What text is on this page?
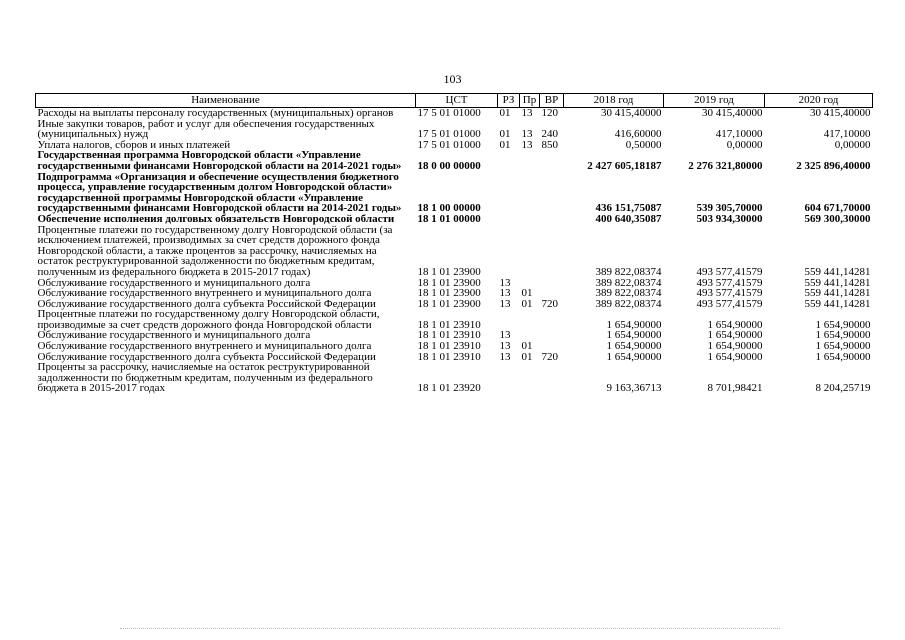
103
Наименование	ЦСТ	РЗ	Пр	ВР	2018 год	2019 год	2020 год
Расходы на выплаты персоналу государственных (муниципальных) органов	17 5 01 01000	01	13	120	30 415,40000	30 415,40000	30 415,40000
Иные закупки товаров, работ и услуг для обеспечения государственных (муниципальных) нужд	17 5 01 01000	01	13	240	416,60000	417,10000	417,10000
Уплата налогов, сборов и иных платежей	17 5 01 01000	01	13	850	0,50000	0,00000	0,00000
Государственная программа Новгородской области «Управление государственными финансами Новгородской области на 2014-2021 годы»	18 0 00 00000				2 427 605,18187	2 276 321,80000	2 325 896,40000
Подпрограмма «Организация и обеспечение осуществления бюджетного процесса, управление государственным долгом Новгородской области» государственной программы Новгородской области «Управление государственными финансами Новгородской области на 2014-2021 годы»	18 1 00 00000				436 151,75087	539 305,70000	604 671,70000
Обеспечение исполнения долговых обязательств Новгородской области	18 1 01 00000				400 640,35087	503 934,30000	569 300,30000
Процентные платежи по государственному долгу Новгородской области (за исключением платежей, производимых за счет средств дорожного фонда Новгородской области, а также процентов за рассрочку, начисляемых на остаток реструктурированной задолженности по бюджетным кредитам, полученным из федерального бюджета в 2015-2017 годах)	18 1 01 23900				389 822,08374	493 577,41579	559 441,14281
Обслуживание государственного и муниципального долга	18 1 01 23900	13			389 822,08374	493 577,41579	559 441,14281
Обслуживание государственного внутреннего и муниципального долга	18 1 01 23900	13	01		389 822,08374	493 577,41579	559 441,14281
Обслуживание государственного долга субъекта Российской Федерации	18 1 01 23900	13	01	720	389 822,08374	493 577,41579	559 441,14281
Процентные платежи по государственному долгу Новгородской области, производимые за счет средств дорожного фонда Новгородской области	18 1 01 23910				1 654,90000	1 654,90000	1 654,90000
Обслуживание государственного и муниципального долга	18 1 01 23910	13			1 654,90000	1 654,90000	1 654,90000
Обслуживание государственного внутреннего и муниципального долга	18 1 01 23910	13	01		1 654,90000	1 654,90000	1 654,90000
Обслуживание государственного долга субъекта Российской Федерации	18 1 01 23910	13	01	720	1 654,90000	1 654,90000	1 654,90000
Проценты за рассрочку, начисляемые на остаток реструктурированной задолженности по бюджетным кредитам, полученным из федерального бюджета в 2015-2017 годах	18 1 01 23920				9 163,36713	8 701,98421	8 204,25719
